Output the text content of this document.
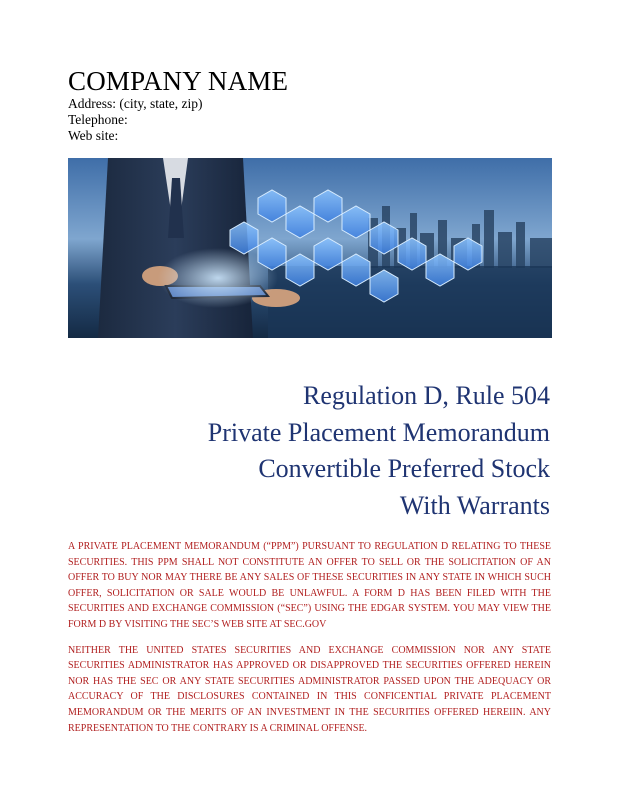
COMPANY NAME
Address: (city, state, zip)
Telephone:
Web site:
Regulation D, Rule 504
Private Placement Memorandum
Convertible Preferred Stock
With Warrants

A PRIVATE PLACEMENT MEMORANDUM (“PPM”) PURSUANT TO REGULATION D RELATING TO THESE SECURITIES. THIS PPM SHALL NOT CONSTITUTE AN OFFER TO SELL OR THE SOLICITATION OF AN OFFER TO BUY NOR MAY THERE BE ANY SALES OF THESE SECURITIES IN ANY STATE IN WHICH SUCH OFFER, SOLICITATION OR SALE WOULD BE UNLAWFUL. A FORM D HAS BEEN FILED WITH THE SECURITIES AND EXCHANGE COMMISSION (“SEC”) USING THE EDGAR SYSTEM. YOU MAY VIEW THE FORM D BY VISITING THE SEC’S WEB SITE AT SEC.GOV

NEITHER THE UNITED STATES SECURITIES AND EXCHANGE COMMISSION NOR ANY STATE SECURITIES ADMINISTRATOR HAS APPROVED OR DISAPPROVED THE SECURITIES OFFERED HEREIN NOR HAS THE SEC OR ANY STATE SECURITIES ADMINISTRATOR PASSED UPON THE ADEQUACY OR ACCURACY OF THE DISCLOSURES CONTAINED IN THIS CONFICENTIAL PRIVATE PLACEMENT MEMORANDUM OR THE MERITS OF AN INVESTMENT IN THE SECURITIES OFFERED HEREIIN. ANY REPRESENTATION TO THE CONTRARY IS A CRIMINAL OFFENSE.
